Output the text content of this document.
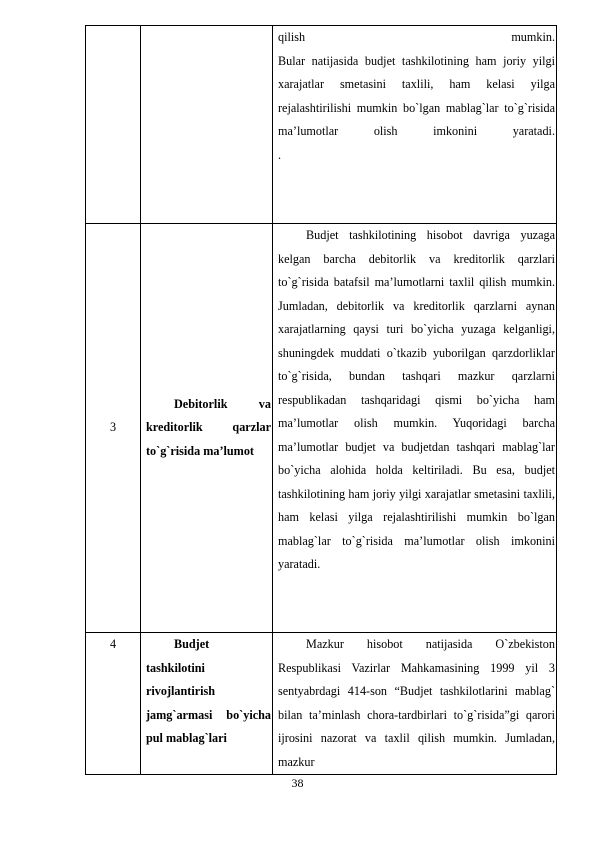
		qilish mumkin.

Bular natijasida budjet tashkilotining ham joriy yilgi xarajatlar smetasini taxlili, ham kelasi yilga rejalashtirilishi mumkin bo`lgan mablag`lar to`g`risida ma’lumotlar olish imkonini yaratadi.

.

3	Debitorlik va kreditorlik qarzlar to`g`risida ma’lumot	Budjet tashkilotining hisobot davriga yuzaga kelgan barcha debitorlik va kreditorlik qarzlari to`g`risida batafsil ma’lumotlarni taxlil qilish mumkin.

Jumladan, debitorlik va kreditorlik qarzlarni aynan xarajatlarning qaysi turi bo`yicha yuzaga kelganligi, shuningdek muddati o`tkazib yuborilgan qarzdorliklar to`g`risida, bundan tashqari mazkur qarzlarni respublikadan tashqaridagi qismi bo`yicha ham ma’lumotlar olish mumkin. Yuqoridagi barcha ma’lumotlar budjet va budjetdan tashqari mablag`lar bo`yicha alohida holda keltiriladi. Bu esa, budjet tashkilotining ham joriy yilgi xarajatlar smetasini taxlili, ham kelasi yilga rejalashtirilishi mumkin bo`lgan mablag`lar to`g`risida ma’lumotlar olish imkonini yaratadi.

4	Budjet tashkilotini rivojlantirish jamg`armasi bo`yicha pul mablag`lari	Mazkur hisobot natijasida O`zbekiston Respublikasi Vazirlar Mahkamasining 1999 yil 3 sentyabrdagi 414-son “Budjet tashkilotlarini mablag` bilan ta’minlash chora-tardbirlari to`g`risida”gi qarori ijrosini nazorat va taxlil qilish mumkin. Jumladan, mazkur

38
